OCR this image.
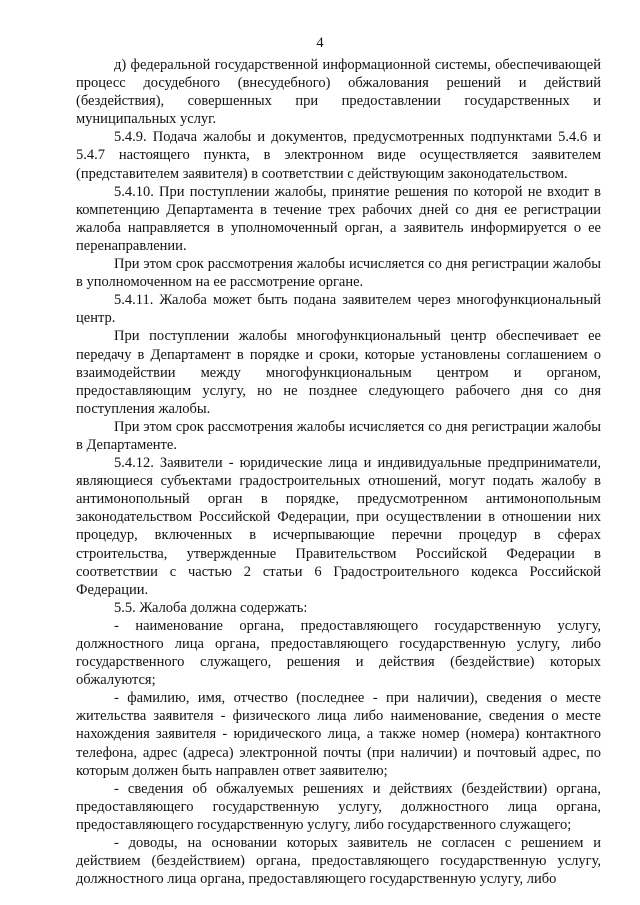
4

д) федеральной государственной информационной системы, обеспечивающей процесс досудебного (внесудебного) обжалования решений и действий (бездействия), совершенных при предоставлении государственных и муниципальных услуг.

5.4.9. Подача жалобы и документов, предусмотренных подпунктами 5.4.6 и 5.4.7 настоящего пункта, в электронном виде осуществляется заявителем (представителем заявителя) в соответствии с действующим законодательством.

5.4.10. При поступлении жалобы, принятие решения по которой не входит в компетенцию Департамента в течение трех рабочих дней со дня ее регистрации жалоба направляется в уполномоченный орган, а заявитель информируется о ее перенаправлении.

При этом срок рассмотрения жалобы исчисляется со дня регистрации жалобы в уполномоченном на ее рассмотрение органе.

5.4.11. Жалоба может быть подана заявителем через многофункциональный центр.

При поступлении жалобы многофункциональный центр обеспечивает ее передачу в Департамент в порядке и сроки, которые установлены соглашением о взаимодействии между многофункциональным центром и органом, предоставляющим услугу, но не позднее следующего рабочего дня со дня поступления жалобы.

При этом срок рассмотрения жалобы исчисляется со дня регистрации жалобы в Департаменте.

5.4.12. Заявители - юридические лица и индивидуальные предприниматели, являющиеся субъектами градостроительных отношений, могут подать жалобу в антимонопольный орган в порядке, предусмотренном антимонопольным законодательством Российской Федерации, при осуществлении в отношении них процедур, включенных в исчерпывающие перечни процедур в сферах строительства, утвержденные Правительством Российской Федерации в соответствии с частью 2 статьи 6 Градостроительного кодекса Российской Федерации.

5.5. Жалоба должна содержать:

- наименование органа, предоставляющего государственную услугу, должностного лица органа, предоставляющего государственную услугу, либо государственного служащего, решения и действия (бездействие) которых обжалуются;

- фамилию, имя, отчество (последнее - при наличии), сведения о месте жительства заявителя - физического лица либо наименование, сведения о месте нахождения заявителя - юридического лица, а также номер (номера) контактного телефона, адрес (адреса) электронной почты (при наличии) и почтовый адрес, по которым должен быть направлен ответ заявителю;

- сведения об обжалуемых решениях и действиях (бездействии) органа, предоставляющего государственную услугу, должностного лица органа, предоставляющего государственную услугу, либо государственного служащего;

- доводы, на основании которых заявитель не согласен с решением и действием (бездействием) органа, предоставляющего государственную услугу, должностного лица органа, предоставляющего государственную услугу, либо
